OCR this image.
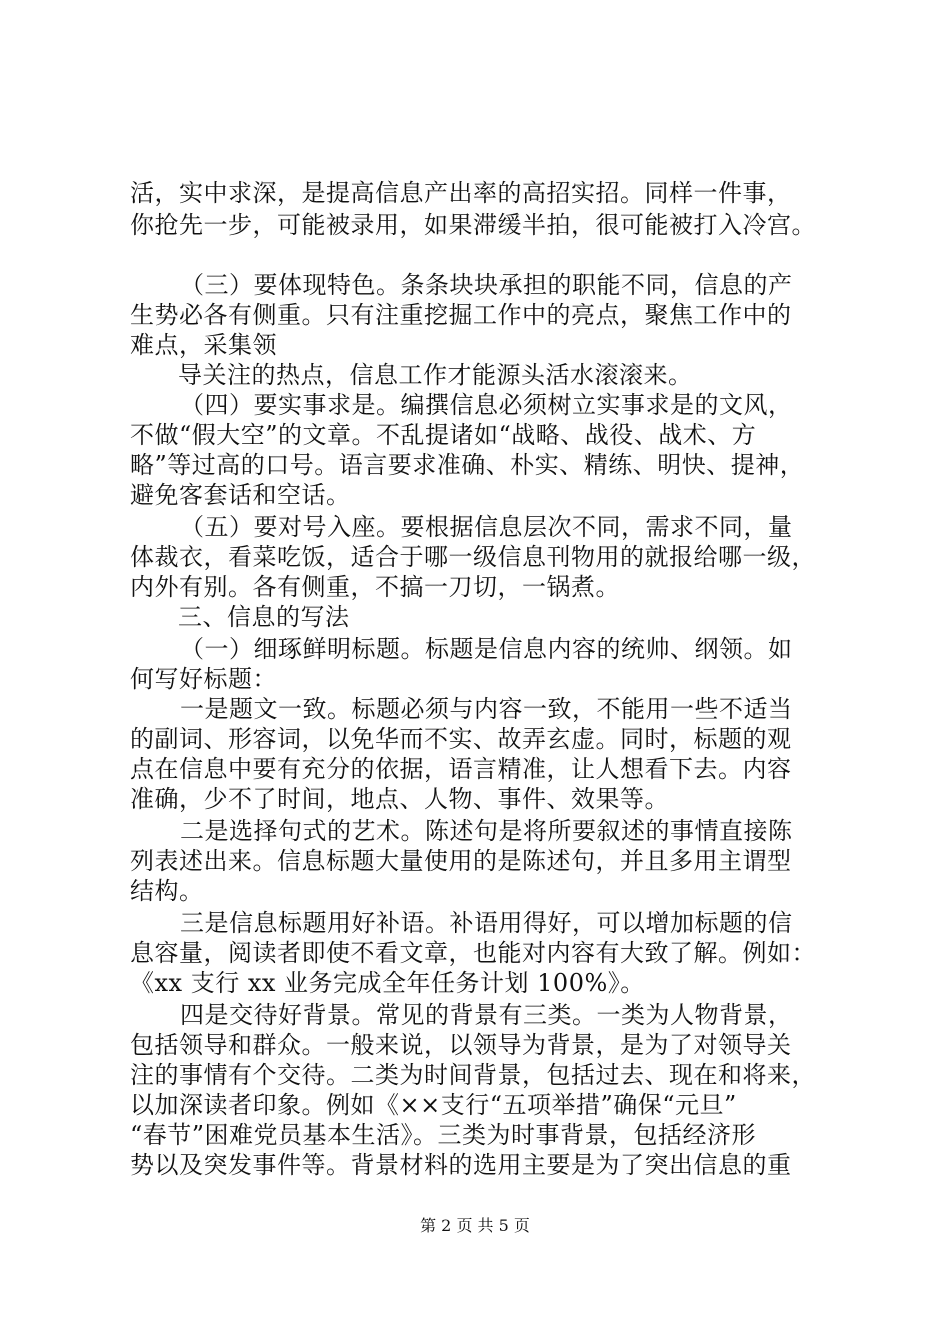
活，实中求深，是提高信息产出率的高招实招。同样一件事，
你抢先一步，可能被录用，如果滞缓半拍，很可能被打入冷宫。
（三）要体现特色。条条块块承担的职能不同，信息的产
生势必各有侧重。只有注重挖掘工作中的亮点，聚焦工作中的
难点，采集领
导关注的热点，信息工作才能源头活水滚滚来。
（四）要实事求是。编撰信息必须树立实事求是的文风，
不做“假大空”的文章。不乱提诸如“战略、战役、战术、方
略”等过高的口号。语言要求准确、朴实、精练、明快、提神，
避免客套话和空话。
（五）要对号入座。要根据信息层次不同，需求不同，量
体裁衣，看菜吃饭，适合于哪一级信息刊物用的就报给哪一级，
内外有别。各有侧重，不搞一刀切，一锅煮。
三、信息的写法
（一）细琢鲜明标题。标题是信息内容的统帅、纲领。如
何写好标题：
一是题文一致。标题必须与内容一致，不能用一些不适当
的副词、形容词，以免华而不实、故弄玄虚。同时，标题的观
点在信息中要有充分的依据，语言精准，让人想看下去。内容
准确，少不了时间，地点、人物、事件、效果等。
二是选择句式的艺术。陈述句是将所要叙述的事情直接陈
列表述出来。信息标题大量使用的是陈述句，并且多用主谓型
结构。
三是信息标题用好补语。补语用得好，可以增加标题的信
息容量，阅读者即使不看文章，也能对内容有大致了解。例如：
《xx 支行 xx 业务完成全年任务计划 100%》。
四是交待好背景。常见的背景有三类。一类为人物背景，
包括领导和群众。一般来说，以领导为背景，是为了对领导关
注的事情有个交待。二类为时间背景，包括过去、现在和将来，
以加深读者印象。例如《××支行“五项举措”确保“元旦”
“春节”困难党员基本生活》。三类为时事背景，包括经济形
势以及突发事件等。背景材料的选用主要是为了突出信息的重
第 2 页 共 5 页
